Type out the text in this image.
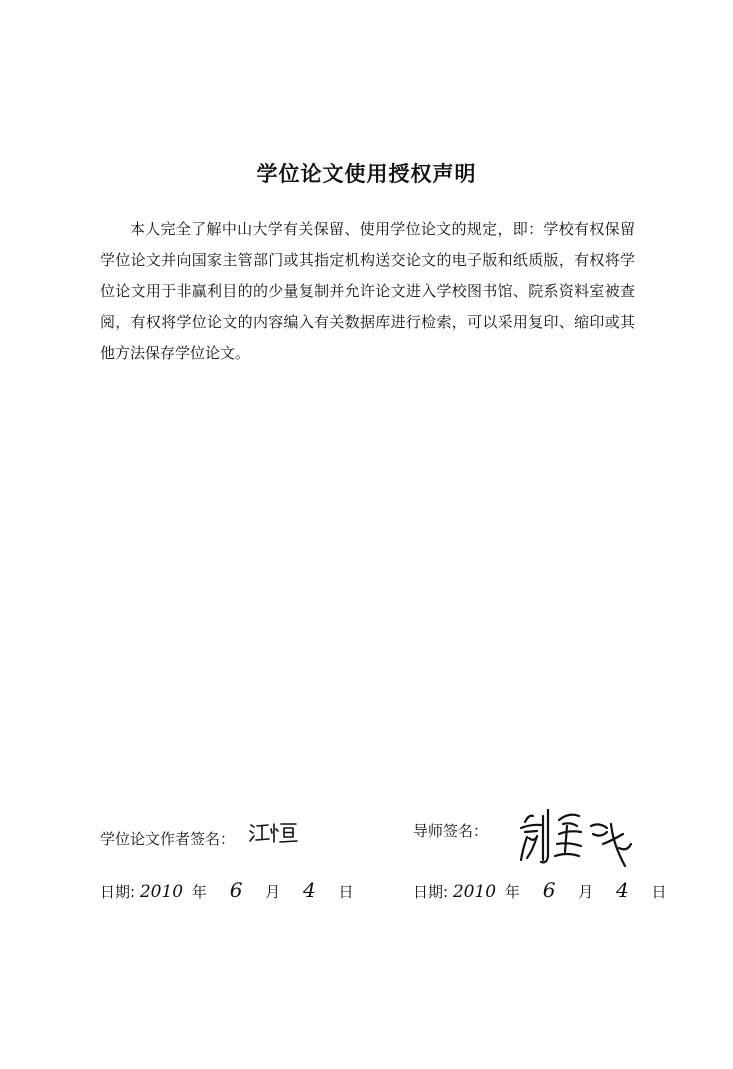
学位论文使用授权声明
本人完全了解中山大学有关保留、使用学位论文的规定，即：学校有权保留学位论文并向国家主管部门或其指定机构送交论文的电子版和纸质版，有权将学位论文用于非赢利目的的少量复制并允许论文进入学校图书馆、院系资料室被查阅，有权将学位论文的内容编入有关数据库进行检索，可以采用复印、缩印或其他方法保存学位论文。
学位论文作者签名：	导师签名：
日期: 2010 年 6 月 4 日	日期: 2010 年 6 月 4 日
